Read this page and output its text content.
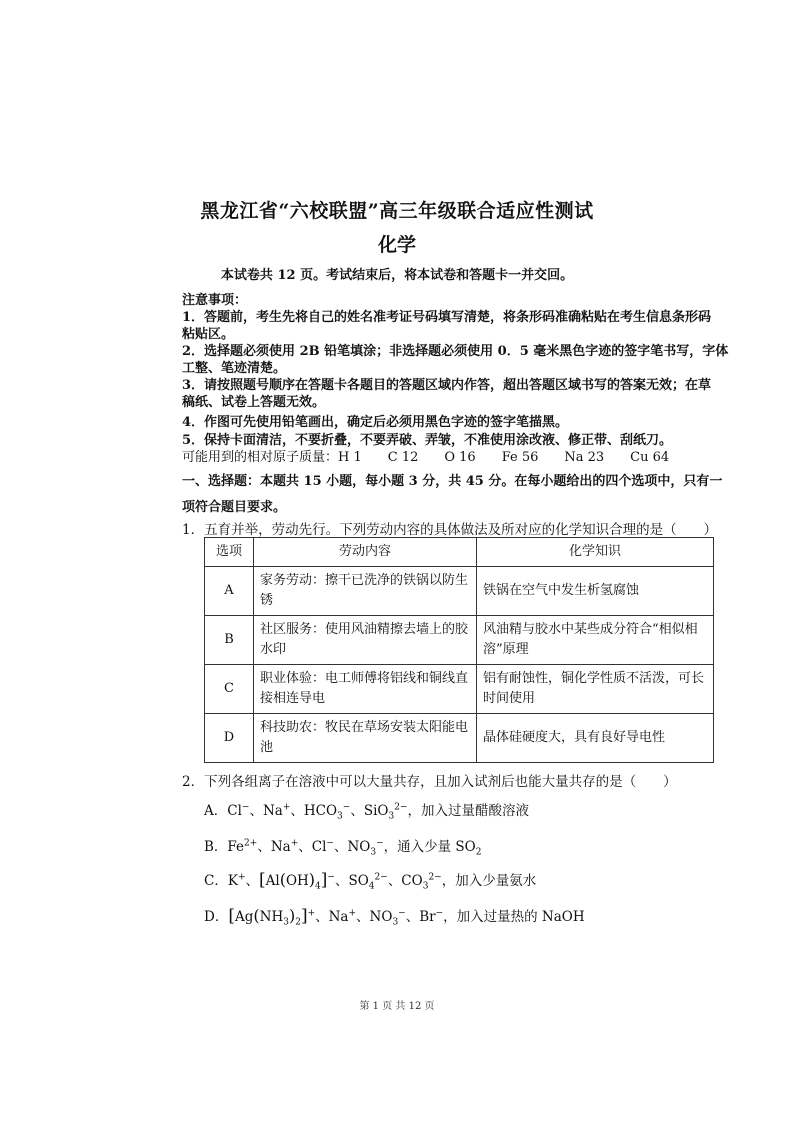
黑龙江省“六校联盟”高三年级联合适应性测试
化学
本试卷共 12 页。考试结束后，将本试卷和答题卡一并交回。
注意事项：
1．答题前，考生先将自己的姓名准考证号码填写清楚，将条形码准确粘贴在考生信息条形码
粘贴区。
2．选择题必须使用 2B 铅笔填涂；非选择题必须使用 0．5 毫米黑色字迹的签字笔书写，字体
工整、笔迹清楚。
3．请按照题号顺序在答题卡各题目的答题区域内作答，超出答题区域书写的答案无效；在草
稿纸、试卷上答题无效。
4．作图可先使用铅笔画出，确定后必须用黑色字迹的签字笔描黑。
5．保持卡面清洁，不要折叠，不要弄破、弄皱，不准使用涂改液、修正带、刮纸刀。
可能用到的相对原子质量：H 1　　C 12　　O 16　　Fe 56　　Na 23　　Cu 64
一、选择题：本题共 15 小题，每小题 3 分，共 45 分。在每小题给出的四个选项中，只有一
项符合题目要求。
1．五育并举，劳动先行。下列劳动内容的具体做法及所对应的化学知识合理的是（　　）
选项	劳动内容	化学知识
A	家务劳动：擦干已洗净的铁锅以防生锈	铁锅在空气中发生析氢腐蚀
B	社区服务：使用风油精擦去墙上的胶水印	风油精与胶水中某些成分符合“相似相溶”原理
C	职业体验：电工师傅将铝线和铜线直接相连导电	铝有耐蚀性，铜化学性质不活泼，可长时间使用
D	科技助农：牧民在草场安装太阳能电池	晶体硅硬度大，具有良好导电性
2．下列各组离子在溶液中可以大量共存，且加入试剂后也能大量共存的是（　　）
A．Cl−、Na+、$HCO_3^-$、SiO$_3^{2-}$，加入过量醋酸溶液
B．$Fe^{2+}$、Na+、Cl−、$NO_3^-$，通入少量 $SO_2$
C．K+、$[Al(OH)_4]^-$、$SO_4^{2-}$、$CO_3^{2-}$，加入少量氨水
D．$[Ag(NH_3)_2]^+$、Na+、$NO_3^-$、Br−，加入过量热的 NaOH
第 1 页 共 12 页
